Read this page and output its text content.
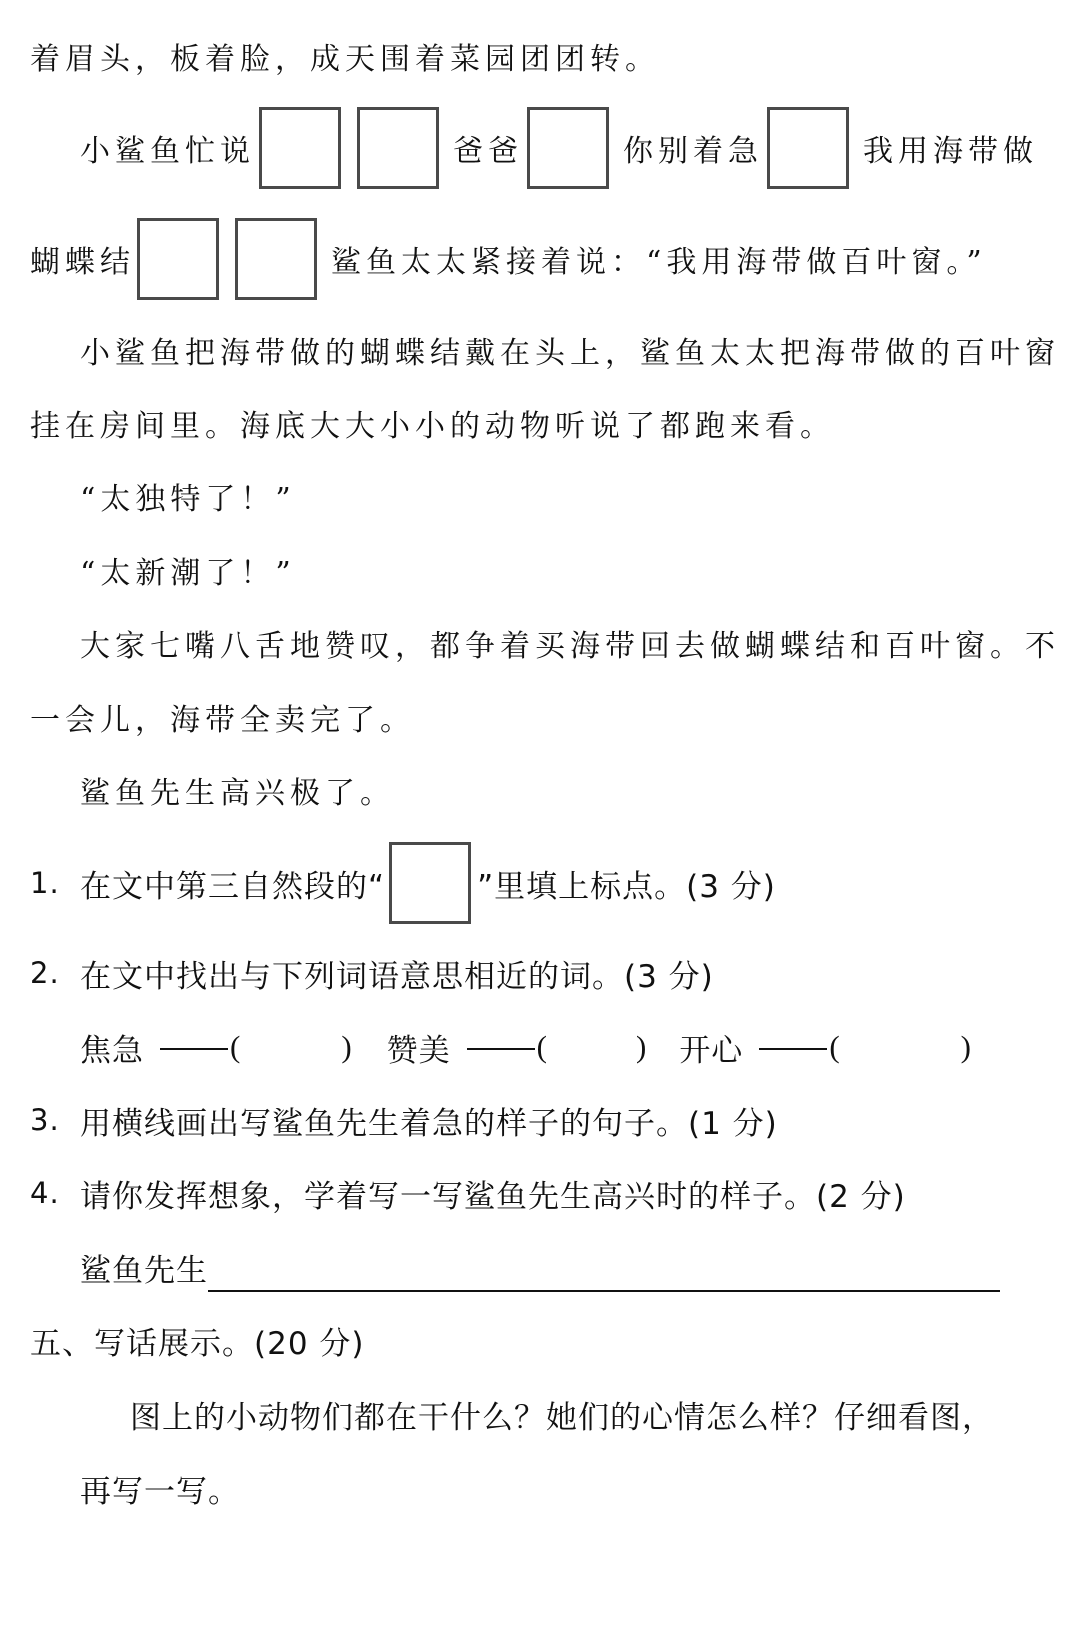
着眉头，板着脸，成天围着菜园团团转。
小鲨鱼忙说	爸爸	你别着急	我用海带做
蝴蝶结	鲨鱼太太紧接着说：“我用海带做百叶窗。”
小鲨鱼把海带做的蝴蝶结戴在头上，鲨鱼太太把海带做的百叶窗
挂在房间里。海底大大小小的动物听说了都跑来看。
“太独特了！”
“太新潮了！”
大家七嘴八舌地赞叹，都争着买海带回去做蝴蝶结和百叶窗。不
一会儿，海带全卖完了。
鲨鱼先生高兴极了。
1. 在文中第三自然段的“	”里填上标点。(3 分)
2. 在文中找出与下列词语意思相近的词。(3 分)
焦急	(	) 赞美	(	) 开心	(	)
3. 用横线画出写鲨鱼先生着急的样子的句子。(1 分)
4. 请你发挥想象，学着写一写鲨鱼先生高兴时的样子。(2 分)
鲨鱼先生
五、写话展示。(20 分)
图上的小动物们都在干什么？她们的心情怎么样？仔细看图，
再写一写。
